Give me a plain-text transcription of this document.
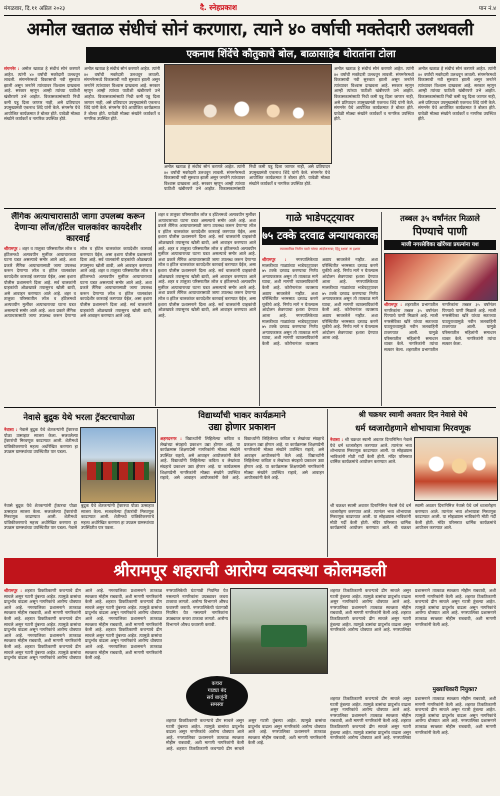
मंगळवार, दि.११ अप्रिल २०२३	दै. स्नेहप्रकाश	पान नं.४
अमोल खताळ संधीचं सोनं करणारा, त्याने ४० वर्षाची मक्तेदारी उलथवली
एकनाथ शिंदेंचे कौतुकाचे बोल, बाळासाहेब थोरातांना टोला
संगमनेर : अमोल खताळ हे संधीचं सोनं करणारे आहेत. त्यांनी ४० वर्षांची मक्तेदारी उलथवून लावली. संगमनेरमध्ये विकासाची नवी सुरुवात झाली असून जनतेने त्यांच्यावर विश्वास दाखवला आहे. सरकार म्हणून आम्ही त्यांच्या पाठीशी खंबीरपणे उभे आहोत. विकासकामांसाठी निधी कमी पडू दिला जाणार नाही, असे प्रतिपादन उपमुख्यमंत्री एकनाथ शिंदे यांनी केले. संगमनेर येथे आयोजित कार्यक्रमात ते बोलत होते. यावेळी मोठ्या संख्येने कार्यकर्ते व नागरिक उपस्थित होते.
अमोल खताळ हे संधीचं सोनं करणारे आहेत. त्यांनी ४० वर्षांची मक्तेदारी उलथवून लावली. संगमनेरमध्ये विकासाची नवी सुरुवात झाली असून जनतेने त्यांच्यावर विश्वास दाखवला आहे. सरकार म्हणून आम्ही त्यांच्या पाठीशी खंबीरपणे उभे आहोत. विकासकामांसाठी निधी कमी पडू दिला जाणार नाही, असे प्रतिपादन उपमुख्यमंत्री एकनाथ शिंदे यांनी केले. संगमनेर येथे आयोजित कार्यक्रमात ते बोलत होते. यावेळी मोठ्या संख्येने कार्यकर्ते व नागरिक उपस्थित होते.
अमोल खताळ हे संधीचं सोनं करणारे आहेत. त्यांनी ४० वर्षांची मक्तेदारी उलथवून लावली. संगमनेरमध्ये विकासाची नवी सुरुवात झाली असून जनतेने त्यांच्यावर विश्वास दाखवला आहे. सरकार म्हणून आम्ही त्यांच्या पाठीशी खंबीरपणे उभे आहोत. विकासकामांसाठी निधी कमी पडू दिला जाणार नाही, असे प्रतिपादन उपमुख्यमंत्री एकनाथ शिंदे यांनी केले. संगमनेर येथे आयोजित कार्यक्रमात ते बोलत होते. यावेळी मोठ्या संख्येने कार्यकर्ते व नागरिक उपस्थित होते.
अमोल खताळ हे संधीचं सोनं करणारे आहेत. त्यांनी ४० वर्षांची मक्तेदारी उलथवून लावली. संगमनेरमध्ये विकासाची नवी सुरुवात झाली असून जनतेने त्यांच्यावर विश्वास दाखवला आहे. सरकार म्हणून आम्ही त्यांच्या पाठीशी खंबीरपणे उभे आहोत. विकासकामांसाठी निधी कमी पडू दिला जाणार नाही, असे प्रतिपादन उपमुख्यमंत्री एकनाथ शिंदे यांनी केले. संगमनेर येथे आयोजित कार्यक्रमात ते बोलत होते. यावेळी मोठ्या संख्येने कार्यकर्ते व नागरिक उपस्थित होते.
अमोल खताळ हे संधीचं सोनं करणारे आहेत. त्यांनी ४० वर्षांची मक्तेदारी उलथवून लावली. संगमनेरमध्ये विकासाची नवी सुरुवात झाली असून जनतेने त्यांच्यावर विश्वास दाखवला आहे. सरकार म्हणून आम्ही त्यांच्या पाठीशी खंबीरपणे उभे आहोत. विकासकामांसाठी निधी कमी पडू दिला जाणार नाही, असे प्रतिपादन उपमुख्यमंत्री एकनाथ शिंदे यांनी केले. संगमनेर येथे आयोजित कार्यक्रमात ते बोलत होते. यावेळी मोठ्या संख्येने कार्यकर्ते व नागरिक उपस्थित होते.
लैंगिक अत्याचारासाठी जागा उपलब्ध करून देणाऱ्या लॉज/हॉटेल चालकांवर कायदेशीर कारवाई
श्रीरामपूर : शहर व तालुका परिसरातील लॉज व हॉटेलमध्ये अल्पवयीन मुलींवर अत्याचाराच्या घटना घडत असल्याचे समोर आले आहे. अशा प्रकारे लैंगिक अत्याचारासाठी जागा उपलब्ध करून देणाऱ्या लॉज व हॉटेल चालकांवर कायदेशीर कारवाई करण्यात येईल, असा इशारा पोलीस प्रशासनाने दिला आहे. सर्व चालकांनी ग्राहकांची ओळखपत्रे तपासूनच खोली द्यावी, असे आवाहन करण्यात आले आहे. शहर व तालुका परिसरातील लॉज व हॉटेलमध्ये अल्पवयीन मुलींवर अत्याचाराच्या घटना घडत असल्याचे समोर आले आहे. अशा प्रकारे लैंगिक अत्याचारासाठी जागा उपलब्ध करून देणाऱ्या लॉज व हॉटेल चालकांवर कायदेशीर कारवाई करण्यात येईल, असा इशारा पोलीस प्रशासनाने दिला आहे. सर्व चालकांनी ग्राहकांची ओळखपत्रे तपासूनच खोली द्यावी, असे आवाहन करण्यात आले आहे. शहर व तालुका परिसरातील लॉज व हॉटेलमध्ये अल्पवयीन मुलींवर अत्याचाराच्या घटना घडत असल्याचे समोर आले आहे. अशा प्रकारे लैंगिक अत्याचारासाठी जागा उपलब्ध करून देणाऱ्या लॉज व हॉटेल चालकांवर कायदेशीर कारवाई करण्यात येईल, असा इशारा पोलीस प्रशासनाने दिला आहे. सर्व चालकांनी ग्राहकांची ओळखपत्रे तपासूनच खोली द्यावी, असे आवाहन करण्यात आले आहे.
शहर व तालुका परिसरातील लॉज व हॉटेलमध्ये अल्पवयीन मुलींवर अत्याचाराच्या घटना घडत असल्याचे समोर आले आहे. अशा प्रकारे लैंगिक अत्याचारासाठी जागा उपलब्ध करून देणाऱ्या लॉज व हॉटेल चालकांवर कायदेशीर कारवाई करण्यात येईल, असा इशारा पोलीस प्रशासनाने दिला आहे. सर्व चालकांनी ग्राहकांची ओळखपत्रे तपासूनच खोली द्यावी, असे आवाहन करण्यात आले आहे. शहर व तालुका परिसरातील लॉज व हॉटेलमध्ये अल्पवयीन मुलींवर अत्याचाराच्या घटना घडत असल्याचे समोर आले आहे. अशा प्रकारे लैंगिक अत्याचारासाठी जागा उपलब्ध करून देणाऱ्या लॉज व हॉटेल चालकांवर कायदेशीर कारवाई करण्यात येईल, असा इशारा पोलीस प्रशासनाने दिला आहे. सर्व चालकांनी ग्राहकांची ओळखपत्रे तपासूनच खोली द्यावी, असे आवाहन करण्यात आले आहे. शहर व तालुका परिसरातील लॉज व हॉटेलमध्ये अल्पवयीन मुलींवर अत्याचाराच्या घटना घडत असल्याचे समोर आले आहे. अशा प्रकारे लैंगिक अत्याचारासाठी जागा उपलब्ध करून देणाऱ्या लॉज व हॉटेल चालकांवर कायदेशीर कारवाई करण्यात येईल, असा इशारा पोलीस प्रशासनाने दिला आहे. सर्व चालकांनी ग्राहकांची ओळखपत्रे तपासूनच खोली द्यावी, असे आवाहन करण्यात आले आहे.
गाळे भाडेपट्ट्यावर
७५ टक्के दरवाढ अन्यायकारक
व्यावसायिक नितीन पटारे यांच्या आंदोलनाचा; हिंदू रक्षक' ना इशारा
श्रीरामपूर : नगरपालिकेच्या मालकीच्या गाळ्यांच्या भाडेपट्ट्यावर ७५ टक्के दरवाढ करण्याचा निर्णय अन्यायकारक असून तो तात्काळ मागे घ्यावा, अशी मागणी व्यावसायिकांनी केली आहे. कोरोनानंतर व्यवसाय अद्याप सावरलेले नाहीत. अशा परिस्थितीत भरमसाठ दरवाढ करणे चुकीचे आहे. निर्णय मागे न घेतल्यास आंदोलन छेडण्याचा इशारा देण्यात आला आहे. नगरपालिकेच्या मालकीच्या गाळ्यांच्या भाडेपट्ट्यावर ७५ टक्के दरवाढ करण्याचा निर्णय अन्यायकारक असून तो तात्काळ मागे घ्यावा, अशी मागणी व्यावसायिकांनी केली आहे. कोरोनानंतर व्यवसाय अद्याप सावरलेले नाहीत. अशा परिस्थितीत भरमसाठ दरवाढ करणे चुकीचे आहे. निर्णय मागे न घेतल्यास आंदोलन छेडण्याचा इशारा देण्यात आला आहे. नगरपालिकेच्या मालकीच्या गाळ्यांच्या भाडेपट्ट्यावर ७५ टक्के दरवाढ करण्याचा निर्णय अन्यायकारक असून तो तात्काळ मागे घ्यावा, अशी मागणी व्यावसायिकांनी केली आहे. कोरोनानंतर व्यवसाय अद्याप सावरलेले नाहीत. अशा परिस्थितीत भरमसाठ दरवाढ करणे चुकीचे आहे. निर्णय मागे न घेतल्यास आंदोलन छेडण्याचा इशारा देण्यात आला आहे.
तब्बल ३५ वर्षांनंतर मिळाले
पिण्याचे पाणी
माजी नगरसेविका खोरेंच्या प्रयत्नांना यश
श्रीरामपूर : शहरातील प्रभागातील नागरिकांना तब्बल ३५ वर्षांनंतर पिण्याचे पाणी मिळाले आहे. माजी नगरसेविका खोरे यांच्या सततच्या पाठपुराव्यामुळे नवीन जलवाहिनी टाकण्यात आली. यामुळे परिसरातील महिलांनी समाधान व्यक्त केले. नागरिकांनी त्यांचा सत्कार केला. शहरातील प्रभागातील नागरिकांना तब्बल ३५ वर्षांनंतर पिण्याचे पाणी मिळाले आहे. माजी नगरसेविका खोरे यांच्या सततच्या पाठपुराव्यामुळे नवीन जलवाहिनी टाकण्यात आली. यामुळे परिसरातील महिलांनी समाधान व्यक्त केले. नागरिकांनी त्यांचा सत्कार केला.
नेवासे बुद्रुक येथे भरला ट्रॅक्टरचापोळा
नेवासा : नेवासे बुद्रुक येथे शेतकऱ्यांनी ट्रॅक्टरचा पोळा उत्साहात साजरा केला. सजवलेल्या ट्रॅक्टरांची मिरवणूक काढण्यात आली. शेतीमध्ये यांत्रिकीकरणाचे महत्त्व अधोरेखित करणारा हा उपक्रम ग्रामस्थांच्या उपस्थितीत पार पडला.
नेवासे बुद्रुक येथे शेतकऱ्यांनी ट्रॅक्टरचा पोळा उत्साहात साजरा केला. सजवलेल्या ट्रॅक्टरांची मिरवणूक काढण्यात आली. शेतीमध्ये यांत्रिकीकरणाचे महत्त्व अधोरेखित करणारा हा उपक्रम ग्रामस्थांच्या उपस्थितीत पार पडला. नेवासे बुद्रुक येथे शेतकऱ्यांनी ट्रॅक्टरचा पोळा उत्साहात साजरा केला. सजवलेल्या ट्रॅक्टरांची मिरवणूक काढण्यात आली. शेतीमध्ये यांत्रिकीकरणाचे महत्त्व अधोरेखित करणारा हा उपक्रम ग्रामस्थांच्या उपस्थितीत पार पडला.
विद्यार्थ्यांची भाकर कार्यक्रमाने
उद्या होणार प्रकाशन
अहमदनगर : विद्यार्थ्यांनी लिहिलेल्या कविता व लेखांच्या संग्रहाचे प्रकाशन उद्या होणार आहे. या कार्यक्रमास शिक्षणप्रेमी नागरिकांनी मोठ्या संख्येने उपस्थित राहावे, असे आवाहन आयोजकांनी केले आहे. विद्यार्थ्यांनी लिहिलेल्या कविता व लेखांच्या संग्रहाचे प्रकाशन उद्या होणार आहे. या कार्यक्रमास शिक्षणप्रेमी नागरिकांनी मोठ्या संख्येने उपस्थित राहावे, असे आवाहन आयोजकांनी केले आहे. विद्यार्थ्यांनी लिहिलेल्या कविता व लेखांच्या संग्रहाचे प्रकाशन उद्या होणार आहे. या कार्यक्रमास शिक्षणप्रेमी नागरिकांनी मोठ्या संख्येने उपस्थित राहावे, असे आवाहन आयोजकांनी केले आहे. विद्यार्थ्यांनी लिहिलेल्या कविता व लेखांच्या संग्रहाचे प्रकाशन उद्या होणार आहे. या कार्यक्रमास शिक्षणप्रेमी नागरिकांनी मोठ्या संख्येने उपस्थित राहावे, असे आवाहन आयोजकांनी केले आहे.
श्री चक्रधर स्वामी अवतार दिन नेवासे येथे
धर्म ध्वजारोहणाने शोभायात्रा मिरवणूक
नेवासा : श्री चक्रधर स्वामी अवतार दिनानिमित्त नेवासे येथे धर्म ध्वजारोहण करण्यात आले. त्यानंतर भव्य शोभायात्रा मिरवणूक काढण्यात आली. या सोहळ्यास भाविकांनी मोठी गर्दी केली होती. मंदिर परिसरात धार्मिक कार्यक्रमांचे आयोजन करण्यात आले.
श्री चक्रधर स्वामी अवतार दिनानिमित्त नेवासे येथे धर्म ध्वजारोहण करण्यात आले. त्यानंतर भव्य शोभायात्रा मिरवणूक काढण्यात आली. या सोहळ्यास भाविकांनी मोठी गर्दी केली होती. मंदिर परिसरात धार्मिक कार्यक्रमांचे आयोजन करण्यात आले. श्री चक्रधर स्वामी अवतार दिनानिमित्त नेवासे येथे धर्म ध्वजारोहण करण्यात आले. त्यानंतर भव्य शोभायात्रा मिरवणूक काढण्यात आली. या सोहळ्यास भाविकांनी मोठी गर्दी केली होती. मंदिर परिसरात धार्मिक कार्यक्रमांचे आयोजन करण्यात आले.
श्रीरामपूर शहराची आरोग्य व्यवस्था कोलमडली
श्रीरामपूर : शहरात ठिकठिकाणी कचऱ्याचे ढीग साचले असून गटारी तुंबल्या आहेत. त्यामुळे डासांचा प्रादुर्भाव वाढला असून नागरिकांचे आरोग्य धोक्यात आले आहे. नगरपालिका प्रशासनाने तात्काळ स्वच्छता मोहीम राबवावी, अशी मागणी नागरिकांनी केली आहे. शहरात ठिकठिकाणी कचऱ्याचे ढीग साचले असून गटारी तुंबल्या आहेत. त्यामुळे डासांचा प्रादुर्भाव वाढला असून नागरिकांचे आरोग्य धोक्यात आले आहे. नगरपालिका प्रशासनाने तात्काळ स्वच्छता मोहीम राबवावी, अशी मागणी नागरिकांनी केली आहे. शहरात ठिकठिकाणी कचऱ्याचे ढीग साचले असून गटारी तुंबल्या आहेत. त्यामुळे डासांचा प्रादुर्भाव वाढला असून नागरिकांचे आरोग्य धोक्यात आले आहे. नगरपालिका प्रशासनाने तात्काळ स्वच्छता मोहीम राबवावी, अशी मागणी नागरिकांनी केली आहे. शहरात ठिकठिकाणी कचऱ्याचे ढीग साचले असून गटारी तुंबल्या आहेत. त्यामुळे डासांचा प्रादुर्भाव वाढला असून नागरिकांचे आरोग्य धोक्यात आले आहे. नगरपालिका प्रशासनाने तात्काळ स्वच्छता मोहीम राबवावी, अशी मागणी नागरिकांनी केली आहे. शहरात ठिकठिकाणी कचऱ्याचे ढीग साचले असून गटारी तुंबल्या आहेत. त्यामुळे डासांचा प्रादुर्भाव वाढला असून नागरिकांचे आरोग्य धोक्यात आले आहे. नगरपालिका प्रशासनाने तात्काळ स्वच्छता मोहीम राबवावी, अशी मागणी नागरिकांनी केली आहे.
नगरपालिकेची घंटागाडी नियमित येत नसल्याने नागरिकांना उघड्यावर कचरा टाकावा लागतो. आरोग्य विभागाने औषध फवारणी करावी. नगरपालिकेची घंटागाडी नियमित येत नसल्याने नागरिकांना उघड्यावर कचरा टाकावा लागतो. आरोग्य विभागाने औषध फवारणी करावी.
कचरा
गाड्या बंद
सर्व बाजूंनी
समस्या
शहरात ठिकठिकाणी कचऱ्याचे ढीग साचले असून गटारी तुंबल्या आहेत. त्यामुळे डासांचा प्रादुर्भाव वाढला असून नागरिकांचे आरोग्य धोक्यात आले आहे. नगरपालिका प्रशासनाने तात्काळ स्वच्छता मोहीम राबवावी, अशी मागणी नागरिकांनी केली आहे. शहरात ठिकठिकाणी कचऱ्याचे ढीग साचले असून गटारी तुंबल्या आहेत. त्यामुळे डासांचा प्रादुर्भाव वाढला असून नागरिकांचे आरोग्य धोक्यात आले आहे. नगरपालिका प्रशासनाने तात्काळ स्वच्छता मोहीम राबवावी, अशी मागणी नागरिकांनी केली आहे.
शहरात ठिकठिकाणी कचऱ्याचे ढीग साचले असून गटारी तुंबल्या आहेत. त्यामुळे डासांचा प्रादुर्भाव वाढला असून नागरिकांचे आरोग्य धोक्यात आले आहे. नगरपालिका प्रशासनाने तात्काळ स्वच्छता मोहीम राबवावी, अशी मागणी नागरिकांनी केली आहे. शहरात ठिकठिकाणी कचऱ्याचे ढीग साचले असून गटारी तुंबल्या आहेत. त्यामुळे डासांचा प्रादुर्भाव वाढला असून नागरिकांचे आरोग्य धोक्यात आले आहे. नगरपालिका प्रशासनाने तात्काळ स्वच्छता मोहीम राबवावी, अशी मागणी नागरिकांनी केली आहे. शहरात ठिकठिकाणी कचऱ्याचे ढीग साचले असून गटारी तुंबल्या आहेत. त्यामुळे डासांचा प्रादुर्भाव वाढला असून नागरिकांचे आरोग्य धोक्यात आले आहे. नगरपालिका प्रशासनाने तात्काळ स्वच्छता मोहीम राबवावी, अशी मागणी नागरिकांनी केली आहे.
मुख्याधिकारी नियुक्त?
शहरात ठिकठिकाणी कचऱ्याचे ढीग साचले असून गटारी तुंबल्या आहेत. त्यामुळे डासांचा प्रादुर्भाव वाढला असून नागरिकांचे आरोग्य धोक्यात आले आहे. नगरपालिका प्रशासनाने तात्काळ स्वच्छता मोहीम राबवावी, अशी मागणी नागरिकांनी केली आहे. शहरात ठिकठिकाणी कचऱ्याचे ढीग साचले असून गटारी तुंबल्या आहेत. त्यामुळे डासांचा प्रादुर्भाव वाढला असून नागरिकांचे आरोग्य धोक्यात आले आहे. नगरपालिका प्रशासनाने तात्काळ स्वच्छता मोहीम राबवावी, अशी मागणी नागरिकांनी केली आहे. शहरात ठिकठिकाणी कचऱ्याचे ढीग साचले असून गटारी तुंबल्या आहेत. त्यामुळे डासांचा प्रादुर्भाव वाढला असून नागरिकांचे आरोग्य धोक्यात आले आहे. नगरपालिका प्रशासनाने तात्काळ स्वच्छता मोहीम राबवावी, अशी मागणी नागरिकांनी केली आहे.
